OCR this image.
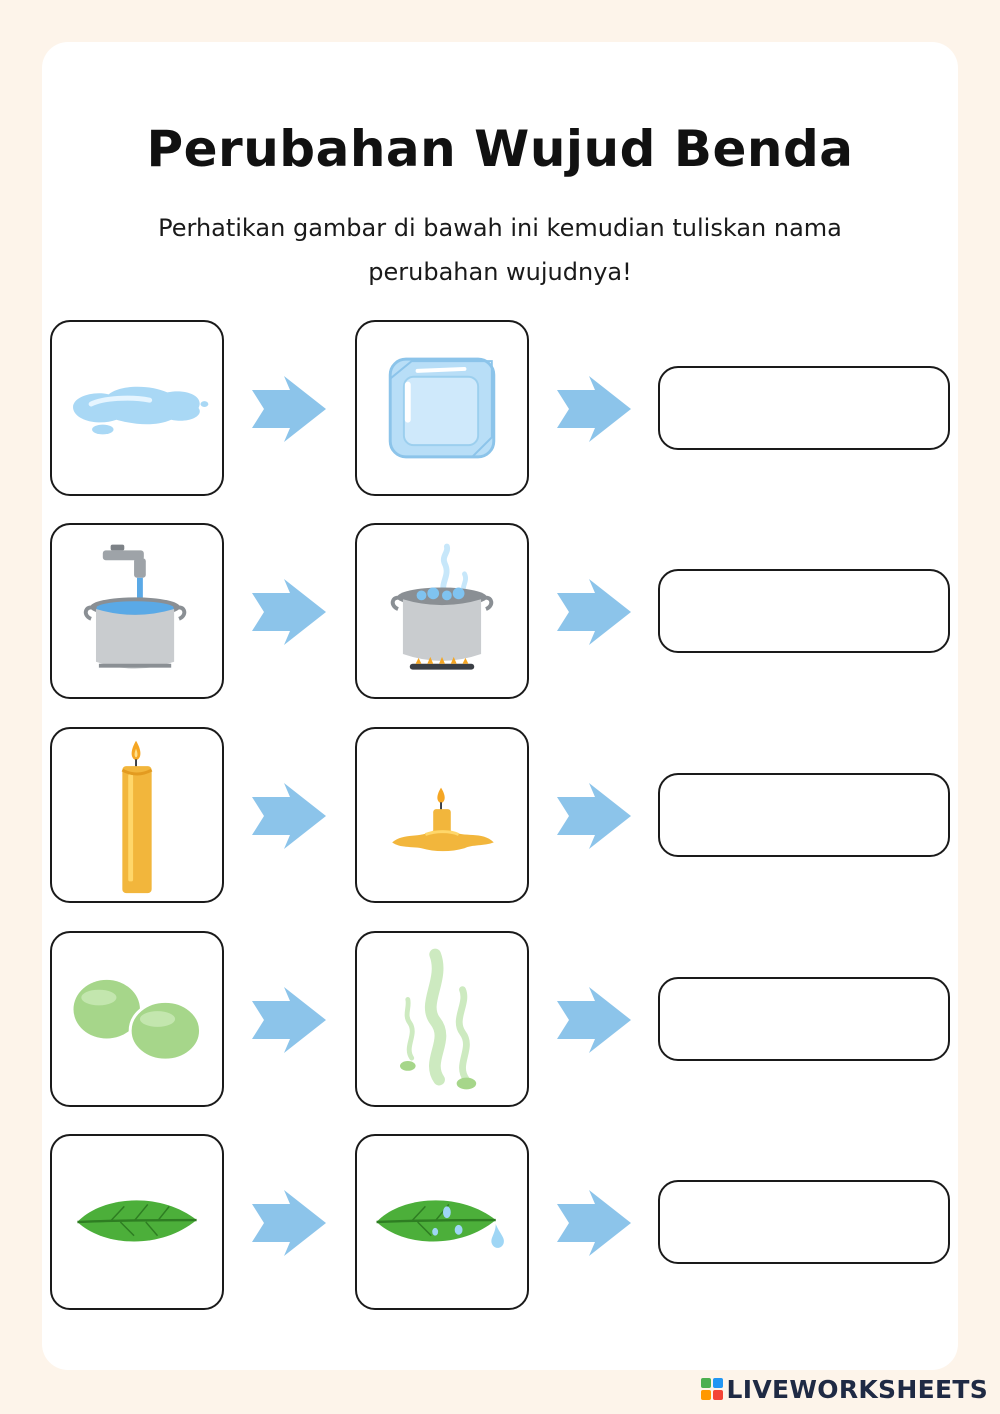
Perubahan Wujud Benda

Perhatikan gambar di bawah ini kemudian tuliskan nama perubahan wujudnya!

LIVEWORKSHEETS
